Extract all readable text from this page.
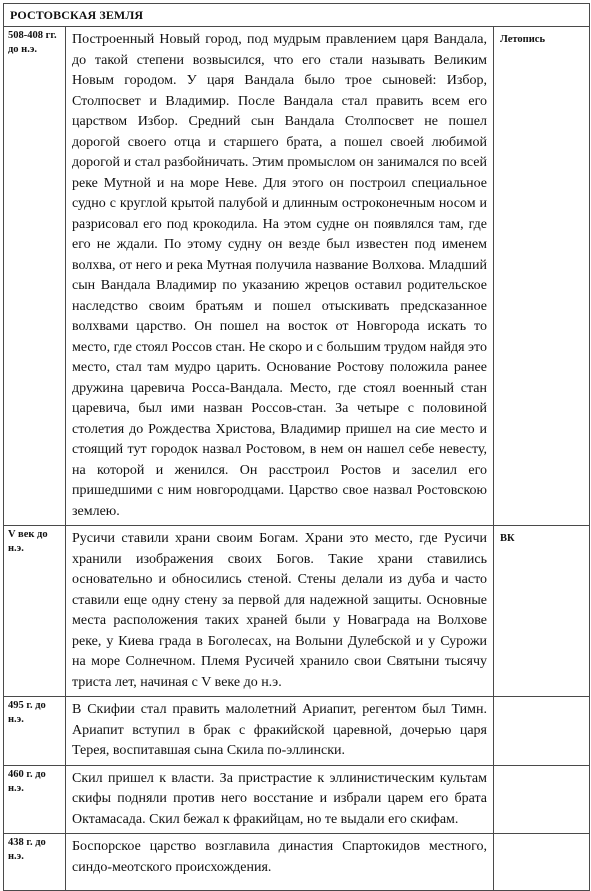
РОСТОВСКАЯ ЗЕМЛЯ		

508-408 гг. до н.э.	Построенный Новый город, под мудрым правлением царя Вандала, до такой степени возвысился, что его стали называть Великим Новым городом. У царя Вандала было трое сыновей: Избор, Столпосвет и Владимир. После Вандала стал править всем его царством Избор. Средний сын Вандала Столпосвет не пошел дорогой своего отца и старшего брата, а пошел своей любимой дорогой и стал разбойничать. Этим промыслом он занимался по всей реке Мутной и на море Неве. Для этого он построил специальное судно с круглой крытой палубой и длинным остроконечным носом и разрисовал его под крокодила. На этом судне он появлялся там, где его не ждали. По этому судну он везде был известен под именем волхва, от него и река Мутная получила название Волхова. Младший сын Вандала Владимир по указанию жрецов оставил родительское наследство своим братьям и пошел отыскивать предсказанное волхвами царство. Он пошел на восток от Новгорода искать то место, где стоял Россов стан. Не скоро и с большим трудом найдя это место, стал там мудро царить. Основание Ростову положила ранее дружина царевича Росса-Вандала. Место, где стоял военный стан царевича, был ими назван Россов-стан. За четыре с половиной столетия до Рождества Христова, Владимир пришел на сие место и стоящий тут городок назвал Ростовом, в нем он нашел себе невесту, на которой и женился. Он расстроил Ростов и заселил его пришедшими с ним новгородцами. Царство свое назвал Ростовскою землею.	Летопись

V век до н.э.	Русичи ставили храни своим Богам. Храни это место, где Русичи хранили изображения своих Богов. Такие храни ставились основательно и обносились стеной. Стены делали из дуба и часто ставили еще одну стену за первой для надежной защиты. Основные места расположения таких храней были у Новаграда на Волхове реке, у Киева града в Боголесах, на Волыни Дулебской и у Сурожи на море Солнечном. Племя Русичей хранило свои Святыни тысячу триста лет, начиная с V веке до н.э.	ВК

495 г. до н.э.	В Скифии стал править малолетний Ариапит, регентом был Тимн. Ариапит вступил в брак с фракийской царевной, дочерью царя Терея, воспитавшая сына Скила по-эллински.	

460 г. до н.э.	Скил пришел к власти. За пристрастие к эллинистическим культам скифы подняли против него восстание и избрали царем его брата Октамасада. Скил бежал к фракийцам, но те выдали его скифам.	

438 г. до н.э.	Боспорское царство возглавила династия Спартокидов местного, синдо-меотского происхождения.	
